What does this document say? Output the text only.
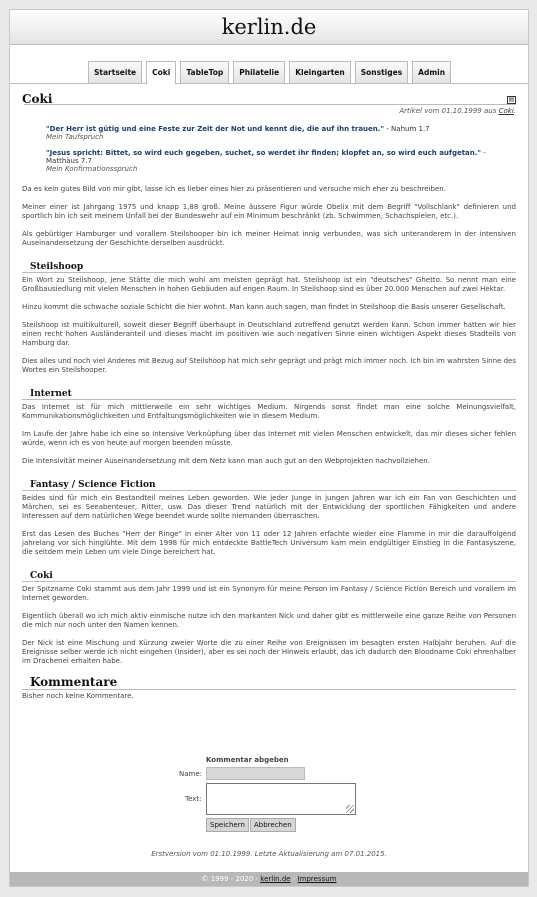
kerlin.de
Startseite	Coki	TableTop	Philatelie	Kleingarten	Sonstiges	Admin
Coki	▤
Artikel vom 01.10.1999 aus Coki.
"Der Herr ist gütig und eine Feste zur Zeit der Not und kennt die, die auf ihn trauen." - Nahum 1.7
Mein Taufspruch
"Jesus spricht: Bittet, so wird euch gegeben, suchet, so werdet ihr finden; klopfet an, so wird euch aufgetan." - Matthäus 7.7
Mein Konfirmationsspruch

Da es kein gutes Bild von mir gibt, lasse ich es lieber eines hier zu präsentieren und versuche mich eher zu beschreiben.

Meiner einer ist Jahrgang 1975 und knapp 1,88 groß. Meine äussere Figur würde Obelix mit dem Begriff "Vollschlank" definieren und sportlich bin ich seit meinem Unfall bei der Bundeswehr auf ein Minimum beschränkt (zb. Schwimmen, Schachspielen, etc.).

Als gebürtiger Hamburger und vorallem Steilshooper bin ich meiner Heimat innig verbunden, was sich unteranderem in der intensiven Auseinandersetzung der Geschichte derselben ausdrückt.

Steilshoop

Ein Wort zu Steilshoop, jene Stätte die mich wohl am meisten geprägt hat. Steilshoop ist ein "deutsches" Ghetto. So nennt man eine Großbausiedlung mit vielen Menschen in hohen Gebäuden auf engen Raum. In Steilshoop sind es über 20.000 Menschen auf zwei Hektar.

Hinzu kommt die schwache soziale Schicht die hier wohnt. Man kann auch sagen, man findet in Steilshoop die Basis unserer Gesellschaft.

Steilshoop ist multikulturell, soweit dieser Begriff überhaupt in Deutschland zutreffend genutzt werden kann. Schon immer hatten wir hier einen recht hohen Ausländeranteil und dieses macht im positiven wie auch negativen Sinne einen wichtigen Aspekt dieses Stadteils von Hamburg dar.

Dies alles und noch viel Anderes mit Bezug auf Steilshoop hat mich sehr geprägt und prägt mich immer noch. Ich bin im wahrsten Sinne des Wortes ein Steilshooper.

Internet

Das Internet ist für mich mittlerweile ein sehr wichtiges Medium. Nirgends sonst findet man eine solche Meinungsvielfalt, Kommunikationsmöglichkeiten und Entfaltungsmöglichkeiten wie in diesem Medium.

Im Laufe der Jahre habe ich eine so intensive Verknüpfung über das Internet mit vielen Menschen entwickelt, das mir dieses sicher fehlen würde, wenn ich es von heute auf morgen beenden müsste.

Die Intensivität meiner Auseinandersetzung mit dem Netz kann man auch gut an den Webprojekten nachvollziehen.

Fantasy / Science Fiction

Beides sind für mich ein Bestandteil meines Leben geworden. Wie jeder Junge in jungen Jahren war ich ein Fan von Geschichten und Märchen, sei es Seeabenteuer, Ritter, usw. Das dieser Trend natürlich mit der Entwicklung der sportlichen Fähigkeiten und andere Interessen auf dem natürlichen Wege beendet wurde sollte niemanden überraschen.

Erst das Lesen des Buches "Herr der Ringe" in einer Alter von 11 oder 12 Jahren erfachte wieder eine Flamme in mir die darauffolgend jahrelang vor sich hinglühte. Mit dem 1998 für mich entdeckte BattleTech Universum kam mein endgültiger Einstieg in die Fantasyszene, die seitdem mein Leben um viele Dinge bereichert hat.

Coki

Der Spitzname Coki stammt aus dem Jahr 1999 und ist ein Synonym für meine Person im Fantasy / Science Fiction Bereich und vorallem im Internet geworden.

Eigentlich überall wo ich mich aktiv einmische nutze ich den markanten Nick und daher gibt es mittlerweile eine ganze Reihe von Personen die mich nur noch unter den Namen kennen.

Der Nick ist eine Mischung und Kürzung zweier Worte die zu einer Reihe von Ereignissen im besagten ersten Halbjahr beruhen. Auf die Ereignisse selber werde ich nicht eingehen (Insider), aber es sei noch der Hinweis erlaubt, das ich dadurch den Bloodname Coki ehrenhalber im Drachenei erhalten habe.

Kommentare
Bisher noch keine Kommentare.
Kommentar abgeben
Name:
Text:
Speichern	Abbrechen
Erstversion vom 01.10.1999. Letzte Aktualisierung am 07.01.2015.
© 1999 - 2020 - kerlin.de - Impressum
